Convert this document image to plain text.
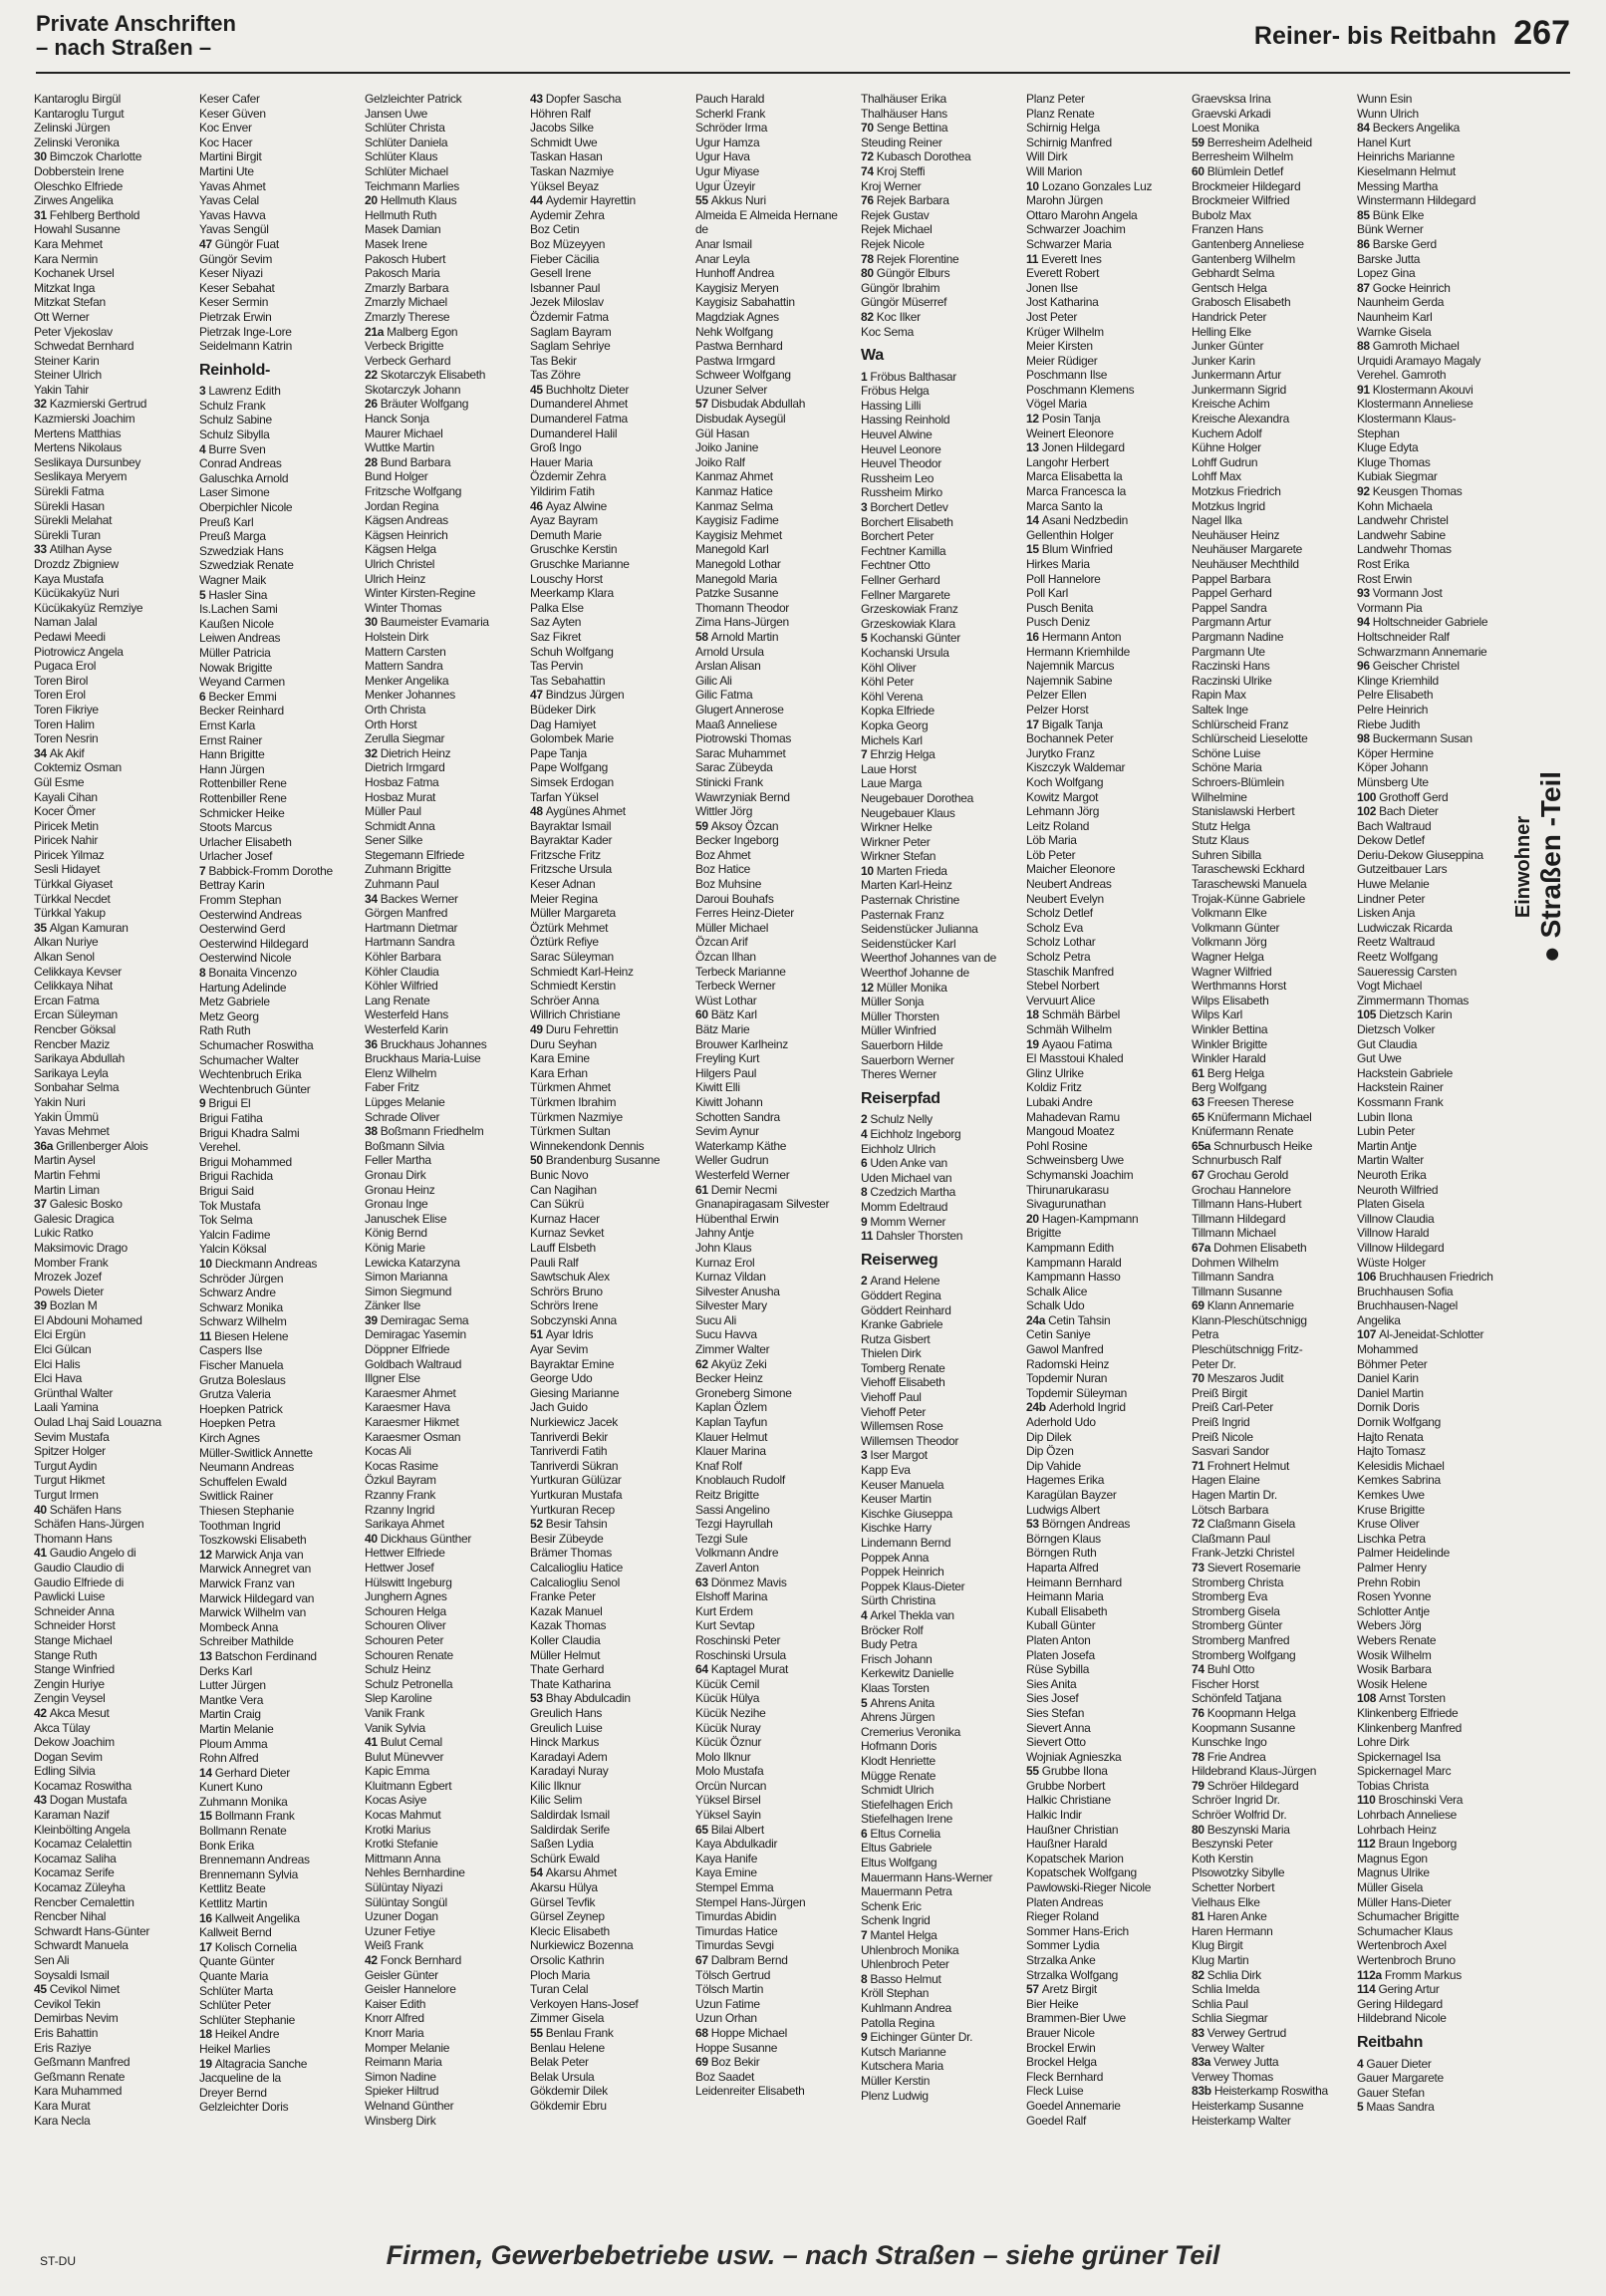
Private Anschriften
– nach Straßen –	Reiner- bis Reitbahn 267
Kantaroglu Birgül
Kantaroglu Turgut
Zelinski Jürgen
Zelinski Veronika
30 Bimczok Charlotte
Dobberstein Irene
Oleschko Elfriede
Zirwes Angelika
31 Fehlberg Berthold
Howahl Susanne
Kara Mehmet
Kara Nermin
Kochanek Ursel
Mitzkat Inga
Mitzkat Stefan
Ott Werner
Peter Vjekoslav
Schwedat Bernhard
Steiner Karin
Steiner Ulrich
Yakin Tahir
32 Kazmierski Gertrud
Kazmierski Joachim
Mertens Matthias
Mertens Nikolaus
Seslikaya Dursunbey
Seslikaya Meryem
Sürekli Fatma
Sürekli Hasan
Sürekli Melahat
Sürekli Turan
33 Atilhan Ayse
Drozdz Zbigniew
Kaya Mustafa
Kücükakyüz Nuri
Kücükakyüz Remziye
Naman Jalal
Pedawi Meedi
Piotrowicz Angela
Pugaca Erol
Toren Birol
Toren Erol
Toren Fikriye
Toren Halim
Toren Nesrin
34 Ak Akif
Coktemiz Osman
Gül Esme
Kayali Cihan
Kocer Ömer
Piricek Metin
Piricek Nahir
Piricek Yilmaz
Sesli Hidayet
Türkkal Giyaset
Türkkal Necdet
Türkkal Yakup
35 Algan Kamuran
Alkan Nuriye
Alkan Senol
Celikkaya Kevser
Celikkaya Nihat
Ercan Fatma
Ercan Süleyman
Rencber Göksal
Rencber Maziz
Sarikaya Abdullah
Sarikaya Leyla
Sonbahar Selma
Yakin Nuri
Yakin Ümmü
Yavas Mehmet
36a Grillenberger Alois
Martin Aysel
Martin Fehmi
Martin Liman
37 Galesic Bosko
Galesic Dragica
Lukic Ratko
Maksimovic Drago
Momber Frank
Mrozek Jozef
Powels Dieter
39 Bozlan M
El Abdouni Mohamed
Elci Ergün
Elci Gülcan
Elci Halis
Elci Hava
Grünthal Walter
Laali Yamina
Oulad Lhaj Said Louazna
Sevim Mustafa
Spitzer Holger
Turgut Aydin
Turgut Hikmet
Turgut Irmen
40 Schäfen Hans
Schäfen Hans-Jürgen
Thomann Hans
41 Gaudio Angelo di
Gaudio Claudio di
Gaudio Elfriede di
Pawlicki Luise
Schneider Anna
Schneider Horst
Stange Michael
Stange Ruth
Stange Winfried
Zengin Huriye
Zengin Veysel
42 Akca Mesut
Akca Tülay
Dekow Joachim
Dogan Sevim
Edling Silvia
Kocamaz Roswitha
43 Dogan Mustafa
Karaman Nazif
Kleinbölting Angela
Kocamaz Celalettin
Kocamaz Saliha
Kocamaz Serife
Kocamaz Züleyha
Rencber Cemalettin
Rencber Nihal
Schwardt Hans-Günter
Schwardt Manuela
Sen Ali
Soysaldi Ismail
45 Cevikol Nimet
Cevikol Tekin
Demirbas Nevim
Eris Bahattin
Eris Raziye
Geßmann Manfred
Geßmann Renate
Kara Muhammed
Kara Murat
Kara Necla
Keser Cafer
Keser Güven
Koc Enver
Koc Hacer
Martini Birgit
Martini Ute
Yavas Ahmet
Yavas Celal
Yavas Havva
Yavas Sengül
47 Güngör Fuat
Güngör Sevim
Keser Niyazi
Keser Sebahat
Keser Sermin
Pietrzak Erwin
Pietrzak Inge-Lore
Seidelmann Katrin
Reinhold-
3 Lawrenz Edith
Schulz Frank
Schulz Sabine
Schulz Sibylla
4 Burre Sven
Conrad Andreas
Galuschka Arnold
Laser Simone
Oberpichler Nicole
Preuß Karl
Preuß Marga
Szwedziak Hans
Szwedziak Renate
Wagner Maik
5 Hasler Sina
Is.Lachen Sami
Kaußen Nicole
Leiwen Andreas
Müller Patricia
Nowak Brigitte
Weyand Carmen
6 Becker Emmi
Becker Reinhard
Ernst Karla
Ernst Rainer
Hann Brigitte
Hann Jürgen
Rottenbiller Rene
Rottenbiller Rene
Schmicker Heike
Stoots Marcus
Urlacher Elisabeth
Urlacher Josef
7 Babbick-Fromm Dorothe
Bettray Karin
Fromm Stephan
Oesterwind Andreas
Oesterwind Gerd
Oesterwind Hildegard
Oesterwind Nicole
8 Bonaita Vincenzo
Hartung Adelinde
Metz Gabriele
Metz Georg
Rath Ruth
Schumacher Roswitha
Schumacher Walter
Wechtenbruch Erika
Wechtenbruch Günter
9 Brigui El
Brigui Fatiha
Brigui Khadra Salmi
Verehel.
Brigui Mohammed
Brigui Rachida
Brigui Said
Tok Mustafa
Tok Selma
Yalcin Fadime
Yalcin Köksal
10 Dieckmann Andreas
Schröder Jürgen
Schwarz Andre
Schwarz Monika
Schwarz Wilhelm
11 Biesen Helene
Caspers Ilse
Fischer Manuela
Grutza Boleslaus
Grutza Valeria
Hoepken Patrick
Hoepken Petra
Kirch Agnes
Müller-Switlick Annette
Neumann Andreas
Schuffelen Ewald
Switlick Rainer
Thiesen Stephanie
Toothman Ingrid
Toszkowski Elisabeth
12 Marwick Anja van
Marwick Annegret van
Marwick Franz van
Marwick Hildegard van
Marwick Wilhelm van
Mombeck Anna
Schreiber Mathilde
13 Batschon Ferdinand
Derks Karl
Lutter Jürgen
Mantke Vera
Martin Craig
Martin Melanie
Ploum Amma
Rohn Alfred
14 Gerhard Dieter
Kunert Kuno
Zuhmann Monika
15 Bollmann Frank
Bollmann Renate
Bonk Erika
Brennemann Andreas
Brennemann Sylvia
Kettlitz Beate
Kettlitz Martin
16 Kallweit Angelika
Kallweit Bernd
17 Kolisch Cornelia
Quante Günter
Quante Maria
Schlüter Marta
Schlüter Peter
Schlüter Stephanie
18 Heikel Andre
Heikel Marlies
19 Altagracia Sanche
Jacqueline de la
Dreyer Bernd
Gelzleichter Doris
Gelzleichter Patrick
Jansen Uwe
Schlüter Christa
Schlüter Daniela
Schlüter Klaus
Schlüter Michael
Teichmann Marlies
20 Hellmuth Klaus
Hellmuth Ruth
Masek Damian
Masek Irene
Pakosch Hubert
Pakosch Maria
Zmarzly Barbara
Zmarzly Michael
Zmarzly Therese
21a Malberg Egon
Verbeck Brigitte
Verbeck Gerhard
22 Skotarczyk Elisabeth
Skotarczyk Johann
26 Bräuter Wolfgang
Hanck Sonja
Maurer Michael
Wuttke Martin
28 Bund Barbara
Bund Holger
Fritzsche Wolfgang
Jordan Regina
Kägsen Andreas
Kägsen Heinrich
Kägsen Helga
Ulrich Christel
Ulrich Heinz
Winter Kirsten-Regine
Winter Thomas
30 Baumeister Evamaria
Holstein Dirk
Mattern Carsten
Mattern Sandra
Menker Angelika
Menker Johannes
Orth Christa
Orth Horst
Zerulla Siegmar
32 Dietrich Heinz
Dietrich Irmgard
Hosbaz Fatma
Hosbaz Murat
Müller Paul
Schmidt Anna
Sener Silke
Stegemann Elfriede
Zuhmann Brigitte
Zuhmann Paul
34 Backes Werner
Görgen Manfred
Hartmann Dietmar
Hartmann Sandra
Köhler Barbara
Köhler Claudia
Köhler Wilfried
Lang Renate
Westerfeld Hans
Westerfeld Karin
36 Bruckhaus Johannes
Bruckhaus Maria-Luise
Elenz Wilhelm
Faber Fritz
Lüpges Melanie
Schrade Oliver
38 Boßmann Friedhelm
Boßmann Silvia
Feller Martha
Gronau Dirk
Gronau Heinz
Gronau Inge
Januschek Elise
König Bernd
König Marie
Lewicka Katarzyna
Simon Marianna
Simon Siegmund
Zänker Ilse
39 Demiragac Sema
Demiragac Yasemin
Döppner Elfriede
Goldbach Waltraud
Illgner Else
Karaesmer Ahmet
Karaesmer Hava
Karaesmer Hikmet
Karaesmer Osman
Kocas Ali
Kocas Rasime
Özkul Bayram
Rzanny Frank
Rzanny Ingrid
Sarikaya Ahmet
40 Dickhaus Günther
Hettwer Elfriede
Hettwer Josef
Hülswitt Ingeburg
Junghern Agnes
Schouren Helga
Schouren Oliver
Schouren Peter
Schouren Renate
Schulz Heinz
Schulz Petronella
Slep Karoline
Vanik Frank
Vanik Sylvia
41 Bulut Cemal
Bulut Münevver
Kapic Emma
Kluitmann Egbert
Kocas Asiye
Kocas Mahmut
Krotki Marius
Krotki Stefanie
Mittmann Anna
Nehles Bernhardine
Sülüntay Niyazi
Sülüntay Songül
Uzuner Dogan
Uzuner Fetiye
Weiß Frank
42 Fonck Bernhard
Geisler Günter
Geisler Hannelore
Kaiser Edith
Knorr Alfred
Knorr Maria
Momper Melanie
Reimann Maria
Simon Nadine
Spieker Hiltrud
Welnand Günther
Winsberg Dirk
43 Dopfer Sascha
Höhren Ralf
Jacobs Silke
Schmidt Uwe
Taskan Hasan
Taskan Nazmiye
Yüksel Beyaz
44 Aydemir Hayrettin
Aydemir Zehra
Boz Cetin
Boz Müzeyyen
Fieber Cäcilia
Gesell Irene
Isbanner Paul
Jezek Miloslav
Özdemir Fatma
Saglam Bayram
Saglam Sehriye
Tas Bekir
Tas Zöhre
45 Buchholtz Dieter
Dumanderel Ahmet
Dumanderel Fatma
Dumanderel Halil
Groß Ingo
Hauer Maria
Özdemir Zehra
Yildirim Fatih
46 Ayaz Alwine
Ayaz Bayram
Demuth Marie
Gruschke Kerstin
Gruschke Marianne
Louschy Horst
Meerkamp Klara
Palka Else
Saz Ayten
Saz Fikret
Schuh Wolfgang
Tas Pervin
Tas Sebahattin
47 Bindzus Jürgen
Büdeker Dirk
Dag Hamiyet
Golombek Marie
Pape Tanja
Pape Wolfgang
Simsek Erdogan
Tarfan Yüksel
48 Aygünes Ahmet
Bayraktar Ismail
Bayraktar Kader
Fritzsche Fritz
Fritzsche Ursula
Keser Adnan
Meier Regina
Müller Margareta
Öztürk Mehmet
Öztürk Refiye
Sarac Süleyman
Schmiedt Karl-Heinz
Schmiedt Kerstin
Schröer Anna
Willrich Christiane
49 Duru Fehrettin
Duru Seyhan
Kara Emine
Kara Erhan
Türkmen Ahmet
Türkmen Ibrahim
Türkmen Nazmiye
Türkmen Sultan
Winnekendonk Dennis
50 Brandenburg Susanne
Bunic Novo
Can Nagihan
Can Sükrü
Kurnaz Hacer
Kurnaz Sevket
Lauff Elsbeth
Pauli Ralf
Sawtschuk Alex
Schrörs Bruno
Schrörs Irene
Sobczynski Anna
51 Ayar Idris
Ayar Sevim
Bayraktar Emine
George Udo
Giesing Marianne
Jach Guido
Nurkiewicz Jacek
Tanriverdi Bekir
Tanriverdi Fatih
Tanriverdi Sükran
Yurtkuran Gülüzar
Yurtkuran Mustafa
Yurtkuran Recep
52 Besir Tahsin
Besir Zübeyde
Brämer Thomas
Calcaliogliu Hatice
Calcaliogliu Senol
Franke Peter
Kazak Manuel
Kazak Thomas
Koller Claudia
Müller Helmut
Thate Gerhard
Thate Katharina
53 Bhay Abdulcadin
Greulich Hans
Greulich Luise
Hinck Markus
Karadayi Adem
Karadayi Nuray
Kilic Ilknur
Kilic Selim
Saldirdak Ismail
Saldirdak Serife
Saßen Lydia
Schürk Ewald
54 Akarsu Ahmet
Akarsu Hülya
Gürsel Tevfik
Gürsel Zeynep
Klecic Elisabeth
Nurkiewicz Bozenna
Orsolic Kathrin
Ploch Maria
Turan Celal
Verkoyen Hans-Josef
Zimmer Gisela
55 Benlau Frank
Benlau Helene
Belak Peter
Belak Ursula
Gökdemir Dilek
Gökdemir Ebru
Pauch Harald
Scherkl Frank
Schröder Irma
Ugur Hamza
Ugur Hava
Ugur Miyase
Ugur Üzeyir
55 Akkus Nuri
Almeida E Almeida Hernane
de
Anar Ismail
Anar Leyla
Hunhoff Andrea
Kaygisiz Meryen
Kaygisiz Sabahattin
Magdziak Agnes
Nehk Wolfgang
Pastwa Bernhard
Pastwa Irmgard
Schweer Wolfgang
Uzuner Selver
57 Disbudak Abdullah
Disbudak Aysegül
Gül Hasan
Joiko Janine
Joiko Ralf
Kanmaz Ahmet
Kanmaz Hatice
Kanmaz Selma
Kaygisiz Fadime
Kaygisiz Mehmet
Manegold Karl
Manegold Lothar
Manegold Maria
Patzke Susanne
Thomann Theodor
Zima Hans-Jürgen
58 Arnold Martin
Arnold Ursula
Arslan Alisan
Gilic Ali
Gilic Fatma
Glugert Annerose
Maaß Anneliese
Piotrowski Thomas
Sarac Muhammet
Sarac Zübeyda
Stinicki Frank
Wawrzyniak Bernd
Wittler Jörg
59 Aksoy Özcan
Becker Ingeborg
Boz Ahmet
Boz Hatice
Boz Muhsine
Daroui Bouhafs
Ferres Heinz-Dieter
Müller Michael
Özcan Arif
Özcan Ilhan
Terbeck Marianne
Terbeck Werner
Wüst Lothar
60 Bätz Karl
Bätz Marie
Brouwer Karlheinz
Freyling Kurt
Hilgers Paul
Kiwitt Elli
Kiwitt Johann
Schotten Sandra
Sevim Aynur
Waterkamp Käthe
Weller Gudrun
Westerfeld Werner
61 Demir Necmi
Gnanapiragasam Silvester
Hübenthal Erwin
Jahny Antje
John Klaus
Kurnaz Erol
Kurnaz Vildan
Silvester Anusha
Silvester Mary
Sucu Ali
Sucu Havva
Zimmer Walter
62 Akyüz Zeki
Becker Heinz
Groneberg Simone
Kaplan Özlem
Kaplan Tayfun
Klauer Helmut
Klauer Marina
Knaf Rolf
Knoblauch Rudolf
Reitz Brigitte
Sassi Angelino
Tezgi Hayrullah
Tezgi Sule
Volkmann Andre
Zaverl Anton
63 Dönmez Mavis
Elshoff Marina
Kurt Erdem
Kurt Sevtap
Roschinski Peter
Roschinski Ursula
64 Kaptagel Murat
Kücük Cemil
Kücük Hülya
Kücük Nezihe
Kücük Nuray
Kücük Öznur
Molo Ilknur
Molo Mustafa
Orcün Nurcan
Yüksel Birsel
Yüksel Sayin
65 Bilai Albert
Kaya Abdulkadir
Kaya Hanife
Kaya Emine
Stempel Emma
Stempel Hans-Jürgen
Timurdas Abidin
Timurdas Hatice
Timurdas Sevgi
67 Dalbram Bernd
Tölsch Gertrud
Tölsch Martin
Uzun Fatime
Uzun Orhan
68 Hoppe Michael
Hoppe Susanne
69 Boz Bekir
Boz Saadet
Leidenreiter Elisabeth
Thalhäuser Erika
Thalhäuser Hans
70 Senge Bettina
Steuding Reiner
72 Kubasch Dorothea
74 Kroj Steffi
Kroj Werner
76 Rejek Barbara
Rejek Gustav
Rejek Michael
Rejek Nicole
78 Rejek Florentine
80 Güngör Elburs
Güngör Ibrahim
Güngör Müserref
82 Koc Ilker
Koc Sema
Wa
1 Fröbus Balthasar
Fröbus Helga
Hassing Lilli
Hassing Reinhold
Heuvel Alwine
Heuvel Leonore
Heuvel Theodor
Russheim Leo
Russheim Mirko
3 Borchert Detlev
Borchert Elisabeth
Borchert Peter
Fechtner Kamilla
Fechtner Otto
Fellner Gerhard
Fellner Margarete
Grzeskowiak Franz
Grzeskowiak Klara
5 Kochanski Günter
Kochanski Ursula
Köhl Oliver
Köhl Peter
Köhl Verena
Kopka Elfriede
Kopka Georg
Michels Karl
7 Ehrzig Helga
Laue Horst
Laue Marga
Neugebauer Dorothea
Neugebauer Klaus
Wirkner Helke
Wirkner Peter
Wirkner Stefan
10 Marten Frieda
Marten Karl-Heinz
Pasternak Christine
Pasternak Franz
Seidenstücker Julianna
Seidenstücker Karl
Weerthof Johannes van de
Weerthof Johanne de
12 Müller Monika
Müller Sonja
Müller Thorsten
Müller Winfried
Sauerborn Hilde
Sauerborn Werner
Theres Werner
Reiserpfad
2 Schulz Nelly
4 Eichholz Ingeborg
Eichholz Ulrich
6 Uden Anke van
Uden Michael van
8 Czedzich Martha
Momm Edeltraud
9 Momm Werner
11 Dahsler Thorsten
Reiserweg
2 Arand Helene
Göddert Regina
Göddert Reinhard
Kranke Gabriele
Rutza Gisbert
Thielen Dirk
Tomberg Renate
Viehoff Elisabeth
Viehoff Paul
Viehoff Peter
Willemsen Rose
Willemsen Theodor
3 Iser Margot
Kapp Eva
Keuser Manuela
Keuser Martin
Kischke Giuseppa
Kischke Harry
Lindemann Bernd
Poppek Anna
Poppek Heinrich
Poppek Klaus-Dieter
Sürth Christina
4 Arkel Thekla van
Bröcker Rolf
Budy Petra
Frisch Johann
Kerkewitz Danielle
Klaas Torsten
5 Ahrens Anita
Ahrens Jürgen
Cremerius Veronika
Hofmann Doris
Klodt Henriette
Mügge Renate
Schmidt Ulrich
Stiefelhagen Erich
Stiefelhagen Irene
6 Eltus Cornelia
Eltus Gabriele
Eltus Wolfgang
Mauermann Hans-Werner
Mauermann Petra
Schenk Eric
Schenk Ingrid
7 Mantel Helga
Uhlenbroch Monika
Uhlenbroch Peter
8 Basso Helmut
Kröll Stephan
Kuhlmann Andrea
Patolla Regina
9 Eichinger Günter Dr.
Kutsch Marianne
Kutschera Maria
Müller Kerstin
Plenz Ludwig
Planz Peter
Planz Renate
Schirnig Helga
Schirnig Manfred
Will Dirk
Will Marion
10 Lozano Gonzales Luz
Marohn Jürgen
Ottaro Marohn Angela
Schwarzer Joachim
Schwarzer Maria
11 Everett Ines
Everett Robert
Jonen Ilse
Jost Katharina
Jost Peter
Krüger Wilhelm
Meier Kirsten
Meier Rüdiger
Poschmann Ilse
Poschmann Klemens
Vögel Maria
12 Posin Tanja
Weinert Eleonore
13 Jonen Hildegard
Langohr Herbert
Marca Elisabetta la
Marca Francesca la
Marca Santo la
14 Asani Nedzbedin
Gellenthin Holger
15 Blum Winfried
Hirkes Maria
Poll Hannelore
Poll Karl
Pusch Benita
Pusch Deniz
16 Hermann Anton
Hermann Kriemhilde
Najemnik Marcus
Najemnik Sabine
Pelzer Ellen
Pelzer Horst
17 Bigalk Tanja
Bochannek Peter
Jurytko Franz
Kiszczyk Waldemar
Koch Wolfgang
Kowitz Margot
Lehmann Jörg
Leitz Roland
Löb Maria
Löb Peter
Maicher Eleonore
Neubert Andreas
Neubert Evelyn
Scholz Detlef
Scholz Eva
Scholz Lothar
Scholz Petra
Staschik Manfred
Stebel Norbert
Vervuurt Alice
18 Schmäh Bärbel
Schmäh Wilhelm
19 Ayaou Fatima
El Masstoui Khaled
Glinz Ulrike
Koldiz Fritz
Lubaki Andre
Mahadevan Ramu
Mangoud Moatez
Pohl Rosine
Schweinsberg Uwe
Schymanski Joachim
Thirunarukarasu
Sivagurunathan
20 Hagen-Kampmann
Brigitte
Kampmann Edith
Kampmann Harald
Kampmann Hasso
Schalk Alice
Schalk Udo
24a Cetin Tahsin
Cetin Saniye
Gawol Manfred
Radomski Heinz
Topdemir Nuran
Topdemir Süleyman
24b Aderhold Ingrid
Aderhold Udo
Dip Dilek
Dip Özen
Dip Vahide
Hagemes Erika
Karagülan Bayzer
Ludwigs Albert
53 Börngen Andreas
Börngen Klaus
Börngen Ruth
Haparta Alfred
Heimann Bernhard
Heimann Maria
Kuball Elisabeth
Kuball Günter
Platen Anton
Platen Josefa
Rüse Sybilla
Sies Anita
Sies Josef
Sies Stefan
Sievert Anna
Sievert Otto
Wojniak Agnieszka
55 Grubbe Ilona
Grubbe Norbert
Halkic Christiane
Halkic Indir
Haußner Christian
Haußner Harald
Kopatschek Marion
Kopatschek Wolfgang
Pawlowski-Rieger Nicole
Platen Andreas
Rieger Roland
Sommer Hans-Erich
Sommer Lydia
Strzalka Anke
Strzalka Wolfgang
57 Aretz Birgit
Bier Heike
Brammen-Bier Uwe
Brauer Nicole
Brockel Erwin
Brockel Helga
Fleck Bernhard
Fleck Luise
Goedel Annemarie
Goedel Ralf
Graevsksa Irina
Graevski Arkadi
Loest Monika
59 Berresheim Adelheid
Berresheim Wilhelm
60 Blümlein Detlef
Brockmeier Hildegard
Brockmeier Wilfried
Bubolz Max
Franzen Hans
Gantenberg Anneliese
Gantenberg Wilhelm
Gebhardt Selma
Gentsch Helga
Grabosch Elisabeth
Handrick Peter
Helling Elke
Junker Günter
Junker Karin
Junkermann Artur
Junkermann Sigrid
Kreische Achim
Kreische Alexandra
Kuchem Adolf
Kühne Holger
Lohff Gudrun
Lohff Max
Motzkus Friedrich
Motzkus Ingrid
Nagel Ilka
Neuhäuser Heinz
Neuhäuser Margarete
Neuhäuser Mechthild
Pappel Barbara
Pappel Gerhard
Pappel Sandra
Pargmann Artur
Pargmann Nadine
Pargmann Ute
Raczinski Hans
Raczinski Ulrike
Rapin Max
Saltek Inge
Schlürscheid Franz
Schlürscheid Lieselotte
Schöne Luise
Schöne Maria
Schroers-Blümlein
Wilhelmine
Stanislawski Herbert
Stutz Helga
Stutz Klaus
Suhren Sibilla
Taraschewski Eckhard
Taraschewski Manuela
Trojak-Künne Gabriele
Volkmann Elke
Volkmann Günter
Volkmann Jörg
Wagner Helga
Wagner Wilfried
Werthmanns Horst
Wilps Elisabeth
Wilps Karl
Winkler Bettina
Winkler Brigitte
Winkler Harald
61 Berg Helga
Berg Wolfgang
63 Freesen Therese
65 Knüfermann Michael
Knüfermann Renate
65a Schnurbusch Heike
Schnurbusch Ralf
67 Grochau Gerold
Grochau Hannelore
Tillmann Hans-Hubert
Tillmann Hildegard
Tillmann Michael
67a Dohmen Elisabeth
Dohmen Wilhelm
Tillmann Sandra
Tillmann Susanne
69 Klann Annemarie
Klann-Pleschütschnigg
Petra
Pleschütschnigg Fritz-
Peter Dr.
70 Meszaros Judit
Preiß Birgit
Preiß Carl-Peter
Preiß Ingrid
Preiß Nicole
Sasvari Sandor
71 Frohnert Helmut
Hagen Elaine
Hagen Martin Dr.
Lötsch Barbara
72 Claßmann Gisela
Claßmann Paul
Frank-Jetzki Christel
73 Sievert Rosemarie
Stromberg Christa
Stromberg Eva
Stromberg Gisela
Stromberg Günter
Stromberg Manfred
Stromberg Wolfgang
74 Buhl Otto
Fischer Horst
Schönfeld Tatjana
76 Koopmann Helga
Koopmann Susanne
Kunschke Ingo
78 Frie Andrea
Hildebrand Klaus-Jürgen
79 Schröer Hildegard
Schröer Ingrid Dr.
Schröer Wolfrid Dr.
80 Beszynski Maria
Beszynski Peter
Koth Kerstin
Plsowotzky Sibylle
Schetter Norbert
Vielhaus Elke
81 Haren Anke
Haren Hermann
Klug Birgit
Klug Martin
82 Schlia Dirk
Schlia Imelda
Schlia Paul
Schlia Siegmar
83 Verwey Gertrud
Verwey Walter
83a Verwey Jutta
Verwey Thomas
83b Heisterkamp Roswitha
Heisterkamp Susanne
Heisterkamp Walter
Wunn Esin
Wunn Ulrich
84 Beckers Angelika
Hanel Kurt
Heinrichs Marianne
Kieselmann Helmut
Messing Martha
Winstermann Hildegard
85 Bünk Elke
Bünk Werner
86 Barske Gerd
Barske Jutta
Lopez Gina
87 Gocke Heinrich
Naunheim Gerda
Naunheim Karl
Warnke Gisela
88 Gamroth Michael
Urquidi Aramayo Magaly
Verehel. Gamroth
91 Klostermann Akouvi
Klostermann Anneliese
Klostermann Klaus-
Stephan
Kluge Edyta
Kluge Thomas
Kubiak Siegmar
92 Keusgen Thomas
Kohn Michaela
Landwehr Christel
Landwehr Sabine
Landwehr Thomas
Rost Erika
Rost Erwin
93 Vormann Jost
Vormann Pia
94 Holtschneider Gabriele
Holtschneider Ralf
Schwarzmann Annemarie
96 Geischer Christel
Klinge Kriemhild
Pelre Elisabeth
Pelre Heinrich
Riebe Judith
98 Buckermann Susan
Köper Hermine
Köper Johann
Münsberg Ute
100 Grothoff Gerd
102 Bach Dieter
Bach Waltraud
Dekow Detlef
Deriu-Dekow Giuseppina
Gutzeitbauer Lars
Huwe Melanie
Lindner Peter
Lisken Anja
Ludwiczak Ricarda
Reetz Waltraud
Reetz Wolfgang
Saueressig Carsten
Vogt Michael
Zimmermann Thomas
105 Dietzsch Karin
Dietzsch Volker
Gut Claudia
Gut Uwe
Hackstein Gabriele
Hackstein Rainer
Kossmann Frank
Lubin Ilona
Lubin Peter
Martin Antje
Martin Walter
Neuroth Erika
Neuroth Wilfried
Platen Gisela
Villnow Claudia
Villnow Harald
Villnow Hildegard
Wüste Holger
106 Bruchhausen Friedrich
Bruchhausen Sofia
Bruchhausen-Nagel
Angelika
107 Al-Jeneidat-Schlotter
Mohammed
Böhmer Peter
Daniel Karin
Daniel Martin
Dornik Doris
Dornik Wolfgang
Hajto Renata
Hajto Tomasz
Kelesidis Michael
Kemkes Sabrina
Kemkes Uwe
Kruse Brigitte
Kruse Oliver
Lischka Petra
Palmer Heidelinde
Palmer Henry
Prehn Robin
Rosen Yvonne
Schlotter Antje
Webers Jörg
Webers Renate
Wosik Wilhelm
Wosik Barbara
Wosik Helene
108 Arnst Torsten
Klinkenberg Elfriede
Klinkenberg Manfred
Lohre Dirk
Spickernagel Isa
Spickernagel Marc
Tobias Christa
110 Broschinski Vera
Lohrbach Anneliese
Lohrbach Heinz
112 Braun Ingeborg
Magnus Egon
Magnus Ulrike
Müller Gisela
Müller Hans-Dieter
Schumacher Brigitte
Schumacher Klaus
Wertenbroch Axel
Wertenbroch Bruno
112a Fromm Markus
114 Gering Artur
Gering Hildegard
Hildebrand Nicole
Reitbahn
4 Gauer Dieter
Gauer Margarete
Gauer Stefan
5 Maas Sandra
Einwohner ● Straßen -Teil
ST-DU	Firmen, Gewerbebetriebe usw. – nach Straßen – siehe grüner Teil
